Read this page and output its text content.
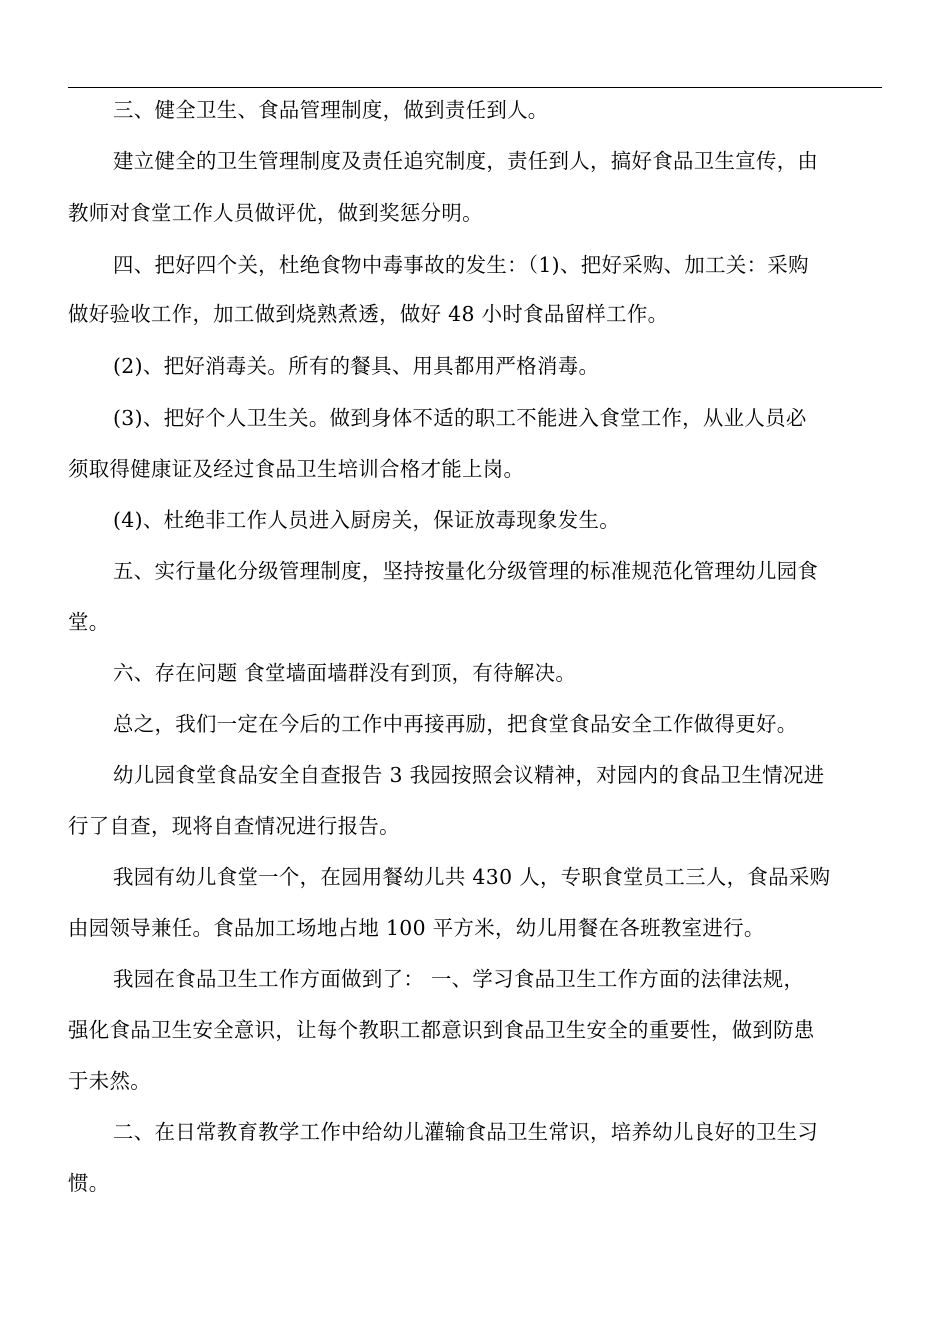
三、健全卫生、食品管理制度，做到责任到人。
建立健全的卫生管理制度及责任追究制度，责任到人，搞好食品卫生宣传，由
教师对食堂工作人员做评优，做到奖惩分明。
四、把好四个关，杜绝食物中毒事故的发生：（1)、把好采购、加工关：采购
做好验收工作，加工做到烧熟煮透，做好 48 小时食品留样工作。
(2)、把好消毒关。所有的餐具、用具都用严格消毒。
(3)、把好个人卫生关。做到身体不适的职工不能进入食堂工作，从业人员必
须取得健康证及经过食品卫生培训合格才能上岗。
(4)、杜绝非工作人员进入厨房关，保证放毒现象发生。
五、实行量化分级管理制度，坚持按量化分级管理的标准规范化管理幼儿园食
堂。
六、存在问题 食堂墙面墙群没有到顶，有待解决。
总之，我们一定在今后的工作中再接再励，把食堂食品安全工作做得更好。
幼儿园食堂食品安全自查报告 3 我园按照会议精神，对园内的食品卫生情况进
行了自查，现将自查情况进行报告。
我园有幼儿食堂一个，在园用餐幼儿共 430 人，专职食堂员工三人，食品采购
由园领导兼任。食品加工场地占地 100 平方米，幼儿用餐在各班教室进行。
我园在食品卫生工作方面做到了： 一、学习食品卫生工作方面的法律法规，
强化食品卫生安全意识，让每个教职工都意识到食品卫生安全的重要性，做到防患
于未然。
二、在日常教育教学工作中给幼儿灌输食品卫生常识，培养幼儿良好的卫生习
惯。
